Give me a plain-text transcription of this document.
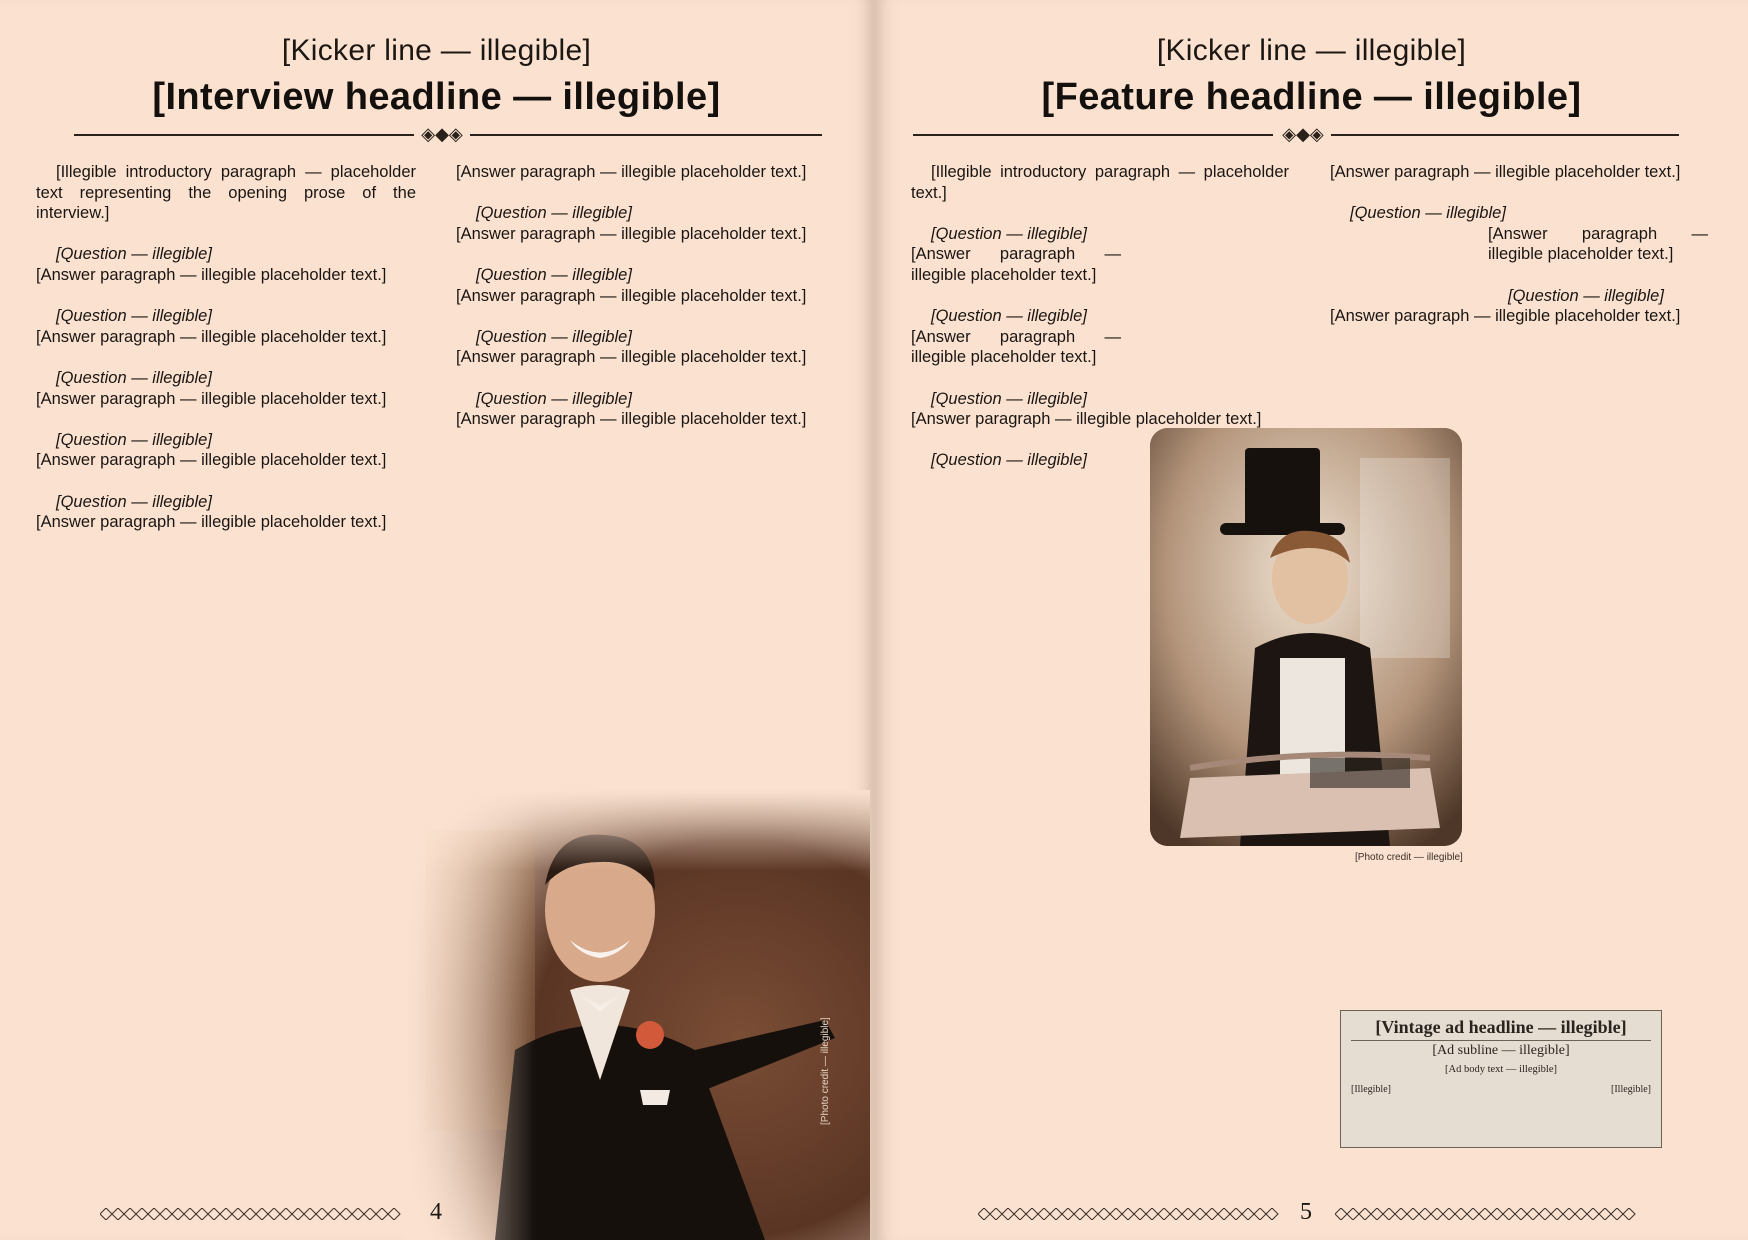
[Kicker line — illegible]
[Interview headline — illegible]
◈◆◈

[Illegible introductory paragraph — placeholder text representing the opening prose of the interview.]

[Question — illegible]

[Answer paragraph — illegible placeholder text.]

[Question — illegible]

[Answer paragraph — illegible placeholder text.]

[Question — illegible]

[Answer paragraph — illegible placeholder text.]

[Question — illegible]

[Answer paragraph — illegible placeholder text.]

[Question — illegible]

[Answer paragraph — illegible placeholder text.]

[Answer paragraph — illegible placeholder text.]

[Question — illegible]

[Answer paragraph — illegible placeholder text.]

[Question — illegible]

[Answer paragraph — illegible placeholder text.]

[Question — illegible]

[Answer paragraph — illegible placeholder text.]

[Question — illegible]

[Answer paragraph — illegible placeholder text.]

[Photo credit — illegible]
4
[Kicker line — illegible]
[Feature headline — illegible]
◈◆◈

[Illegible introductory paragraph — placeholder text.]

[Question — illegible]

[Answer paragraph — illegible placeholder text.]

[Question — illegible]

[Answer paragraph — illegible placeholder text.]

[Question — illegible]

[Answer paragraph — illegible placeholder text.]

[Question — illegible]

[Answer paragraph — illegible placeholder text.]

[Question — illegible]

[Answer paragraph — illegible placeholder text.]

[Question — illegible]

[Answer paragraph — illegible placeholder text.]

[Photo credit — illegible]
[Vintage ad headline — illegible]
[Ad subline — illegible]
[Ad body text — illegible]
[Illegible]	[Illegible]
5
